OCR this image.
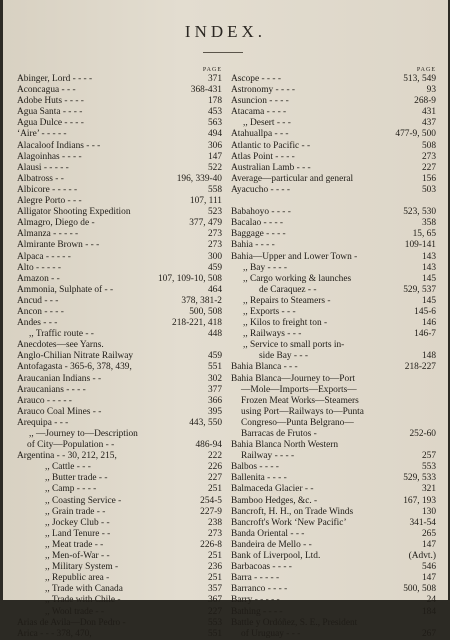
INDEX.
PAGE
Abinger, Lord - - - -	371
Aconcagua - - -	368-431
Adobe Huts - - - -	178
Agua Santa - - - -	453
Agua Dulce - - - -	563
‘Aire’ - - - - -	494
Alacaloof Indians - - -	306
Alagoinhas - - - -	147
Alausi - - - - -	522
Albatross - -	196, 339-40
Albicore - - - - -	558
Alegre Porto - - -	107, 111
Alligator Shooting Expedition	523
Almagro, Diego de -	377, 479
Almanza - - - - -	273
Almirante Brown - - -	273
Alpaca - - - - -	300
Alto - - - - -	459
Amazon - -	107, 109-10, 508
Ammonia, Sulphate of - -	464
Ancud - - -	378, 381-2
Ancon - - - -	500, 508
Andes - - -	218-221, 418
,, Traffic route - -	448
Anecdotes—see Yarns.
Anglo-Chilian Nitrate Railway	459
Antofagasta - 365-6, 378, 439,	551
Araucanian Indians - -	302
Araucanians - - - -	377
Arauco - - - - -	366
Arauco Coal Mines - -	395
Arequipa - - -	443, 550
,, —Journey to—Description
of City—Population - -	486-94
Argentina - - 30, 212, 215,	222
,, Cattle - - -	226
,, Butter trade - -	227
,, Camp - - - -	251
,, Coasting Service -	254-5
,, Grain trade - -	227-9
,, Jockey Club - -	238
,, Land Tenure - -	273
,, Meat trade - -	226-8
,, Men-of-War - -	251
,, Military System -	236
,, Republic area -	251
,, Trade with Canada	357
,, Trade with Chile -	367
,, Wool trade - -	227
Arias de Avila—Don Pedro -	553
Arica - - - 378, 470,	551
PAGE
Ascope - - - -	513, 549
Astronomy - - - -	93
Asuncion - - - -	268-9
Atacama - - - -	431
,, Desert - - -	437
Atahuallpa - - -	477-9, 500
Atlantic to Pacific - -	508
Atlas Point - - - -	273
Australian Lamb - - -	227
Average—particular and general	156
Ayacucho - - - -	503
Babahoyo - - - -	523, 530
Bacalao - - - -	358
Baggage - - - -	15, 65
Bahia - - - -	109-141
Bahia—Upper and Lower Town -	143
,, Bay - - - -	143
,, Cargo working & launches	145
de Caraquez - -	529, 537
,, Repairs to Steamers -	145
,, Exports - - -	145-6
,, Kilos to freight ton -	146
,, Railways - - -	146-7
,, Service to small ports in-
side Bay - - -	148
Bahia Blanca - - -	218-227
Bahia Blanca—Journey to—Port
—Mole—Imports—Exports—
Frozen Meat Works—Steamers
using Port—Railways to—Punta
Congreso—Punta Belgrano—
Barracas de Frutos -	252-60
Bahia Blanca North Western
Railway - - - -	257
Balbos - - - -	553
Ballenita - - - -	529, 533
Balmaceda Glacier - -	321
Bamboo Hedges, &c. -	167, 193
Bancroft, H. H., on Trade Winds	130
Bancroft's Work ‘New Pacific’	341-54
Banda Oriental - - -	265
Bandeira de Mello - -	147
Bank of Liverpool, Ltd.	(Advt.)
Barbacoas - - - -	546
Barra - - - - -	147
Barranco - - - -	500, 508
Barry - - - - -	24
Bathing - - - -	184
Battle y Ordóñez, S. E., President
of Uruguay - - -	267
